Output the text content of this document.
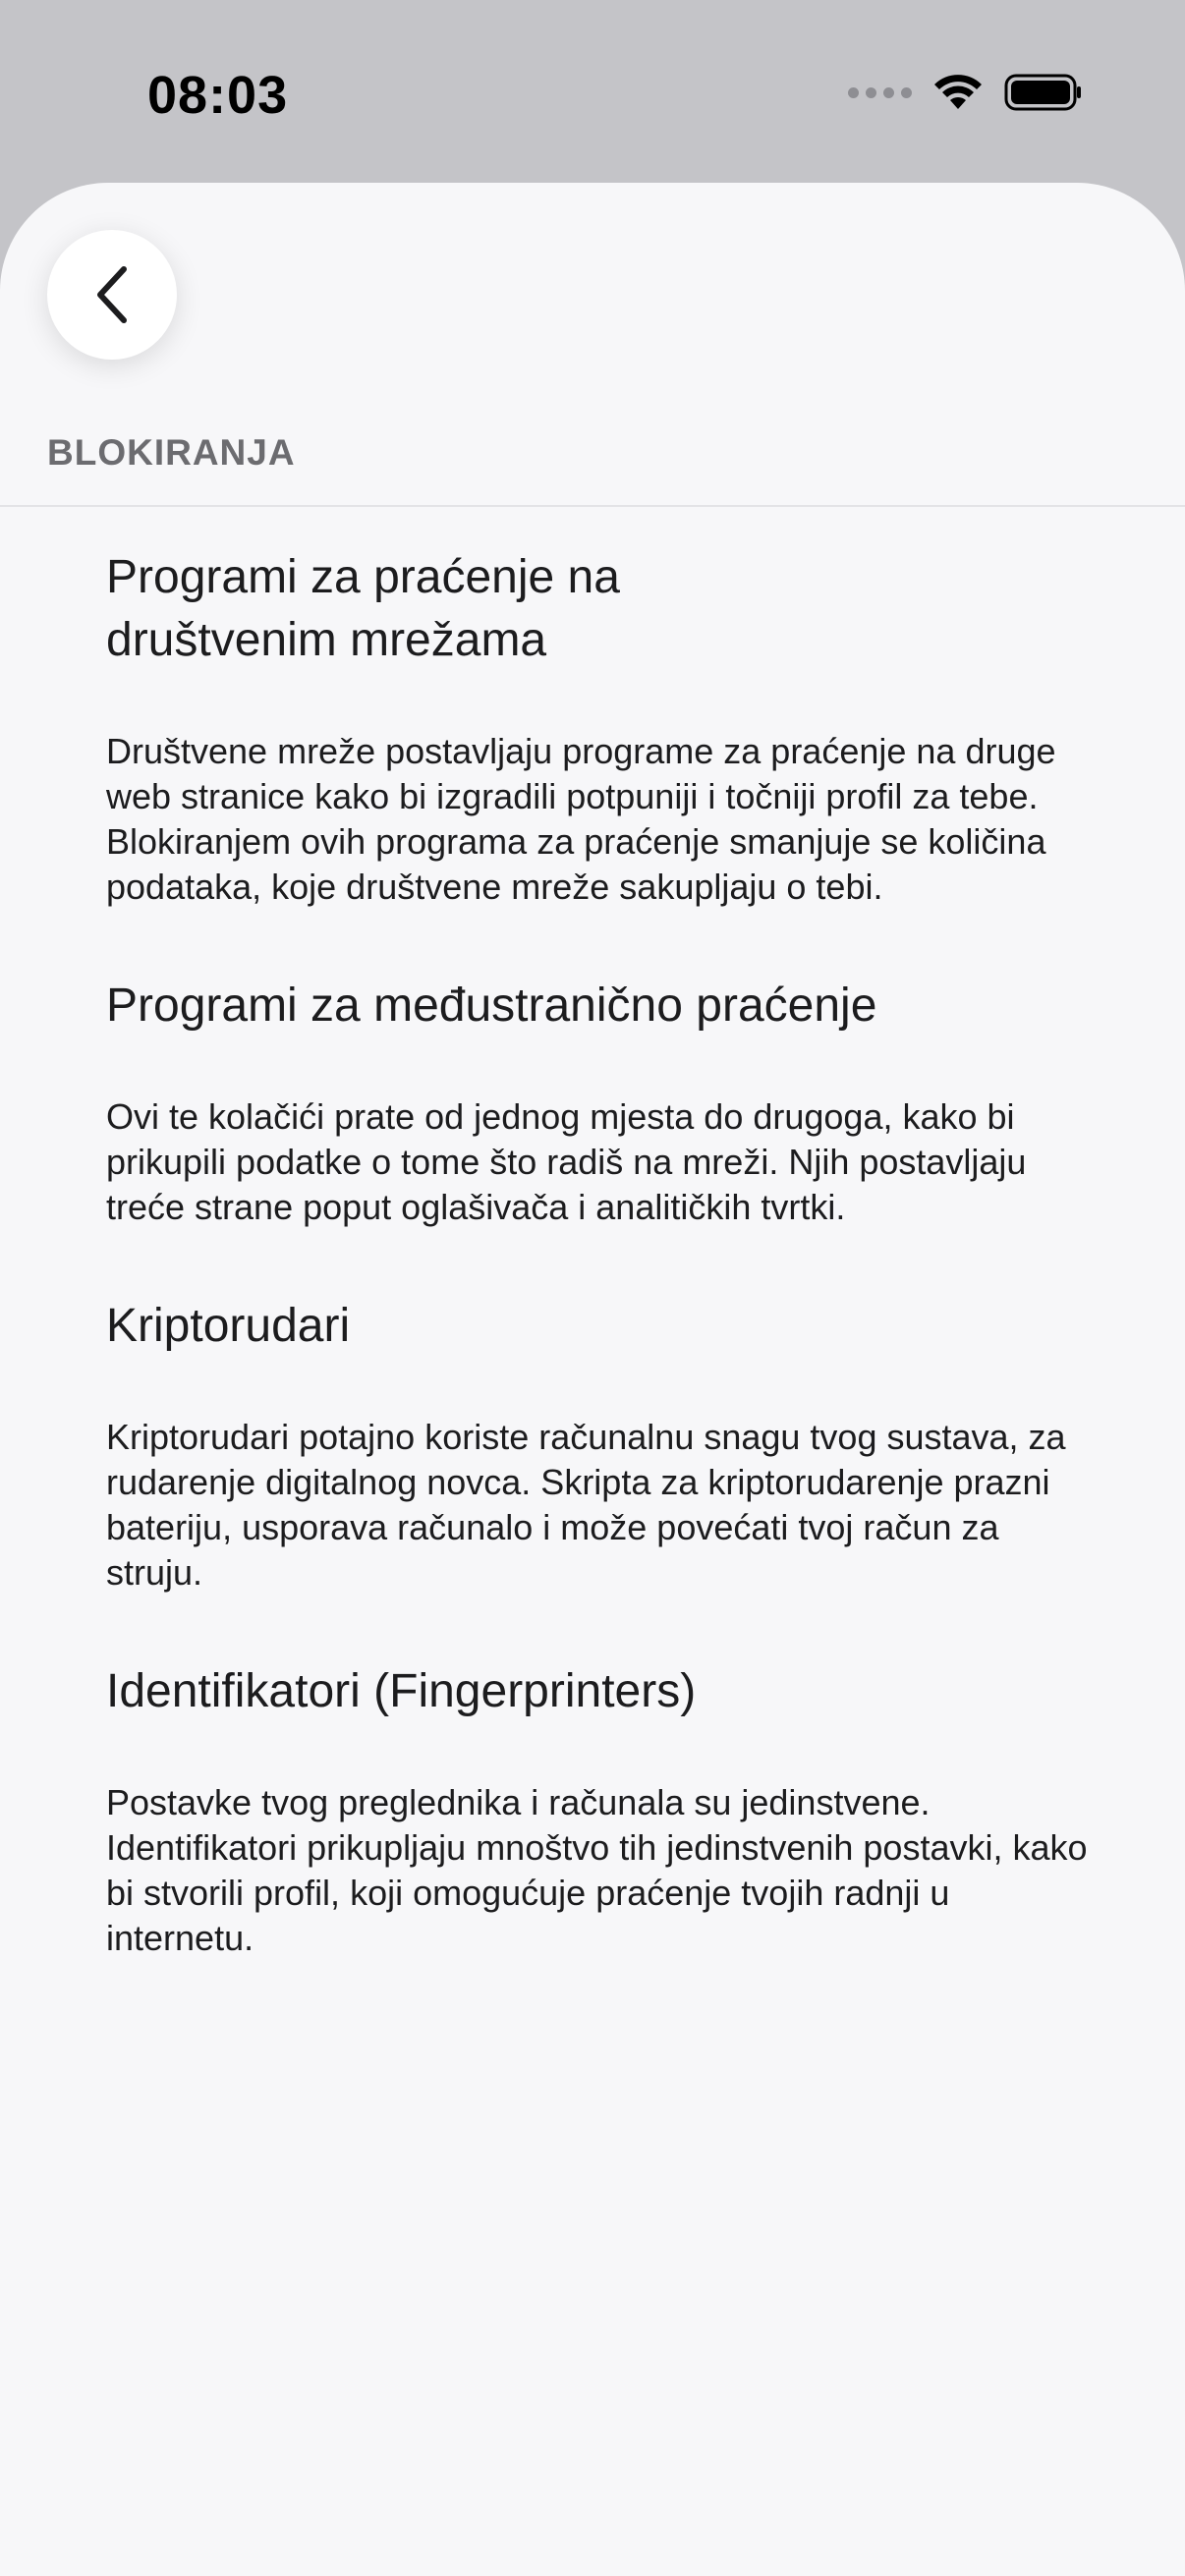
08:03
BLOKIRANJA
Programi za praćenje na društvenim mrežama
Društvene mreže postavljaju programe za praćenje na druge web stranice kako bi izgradili potpuniji i točniji profil za tebe. Blokiranjem ovih programa za praćenje smanjuje se količina podataka, koje društvene mreže sakupljaju o tebi.
Programi za međustranično praćenje
Ovi te kolačići prate od jednog mjesta do drugoga, kako bi prikupili podatke o tome što radiš na mreži. Njih postavljaju treće strane poput oglašivača i analitičkih tvrtki.
Kriptorudari
Kriptorudari potajno koriste računalnu snagu tvog sustava, za rudarenje digitalnog novca. Skripta za kriptorudarenje prazni bateriju, usporava računalo i može povećati tvoj račun za struju.
Identifikatori (Fingerprinters)
Postavke tvog preglednika i računala su jedinstvene. Identifikatori prikupljaju mnoštvo tih jedinstvenih postavki, kako bi stvorili profil, koji omogućuje praćenje tvojih radnji u internetu.
